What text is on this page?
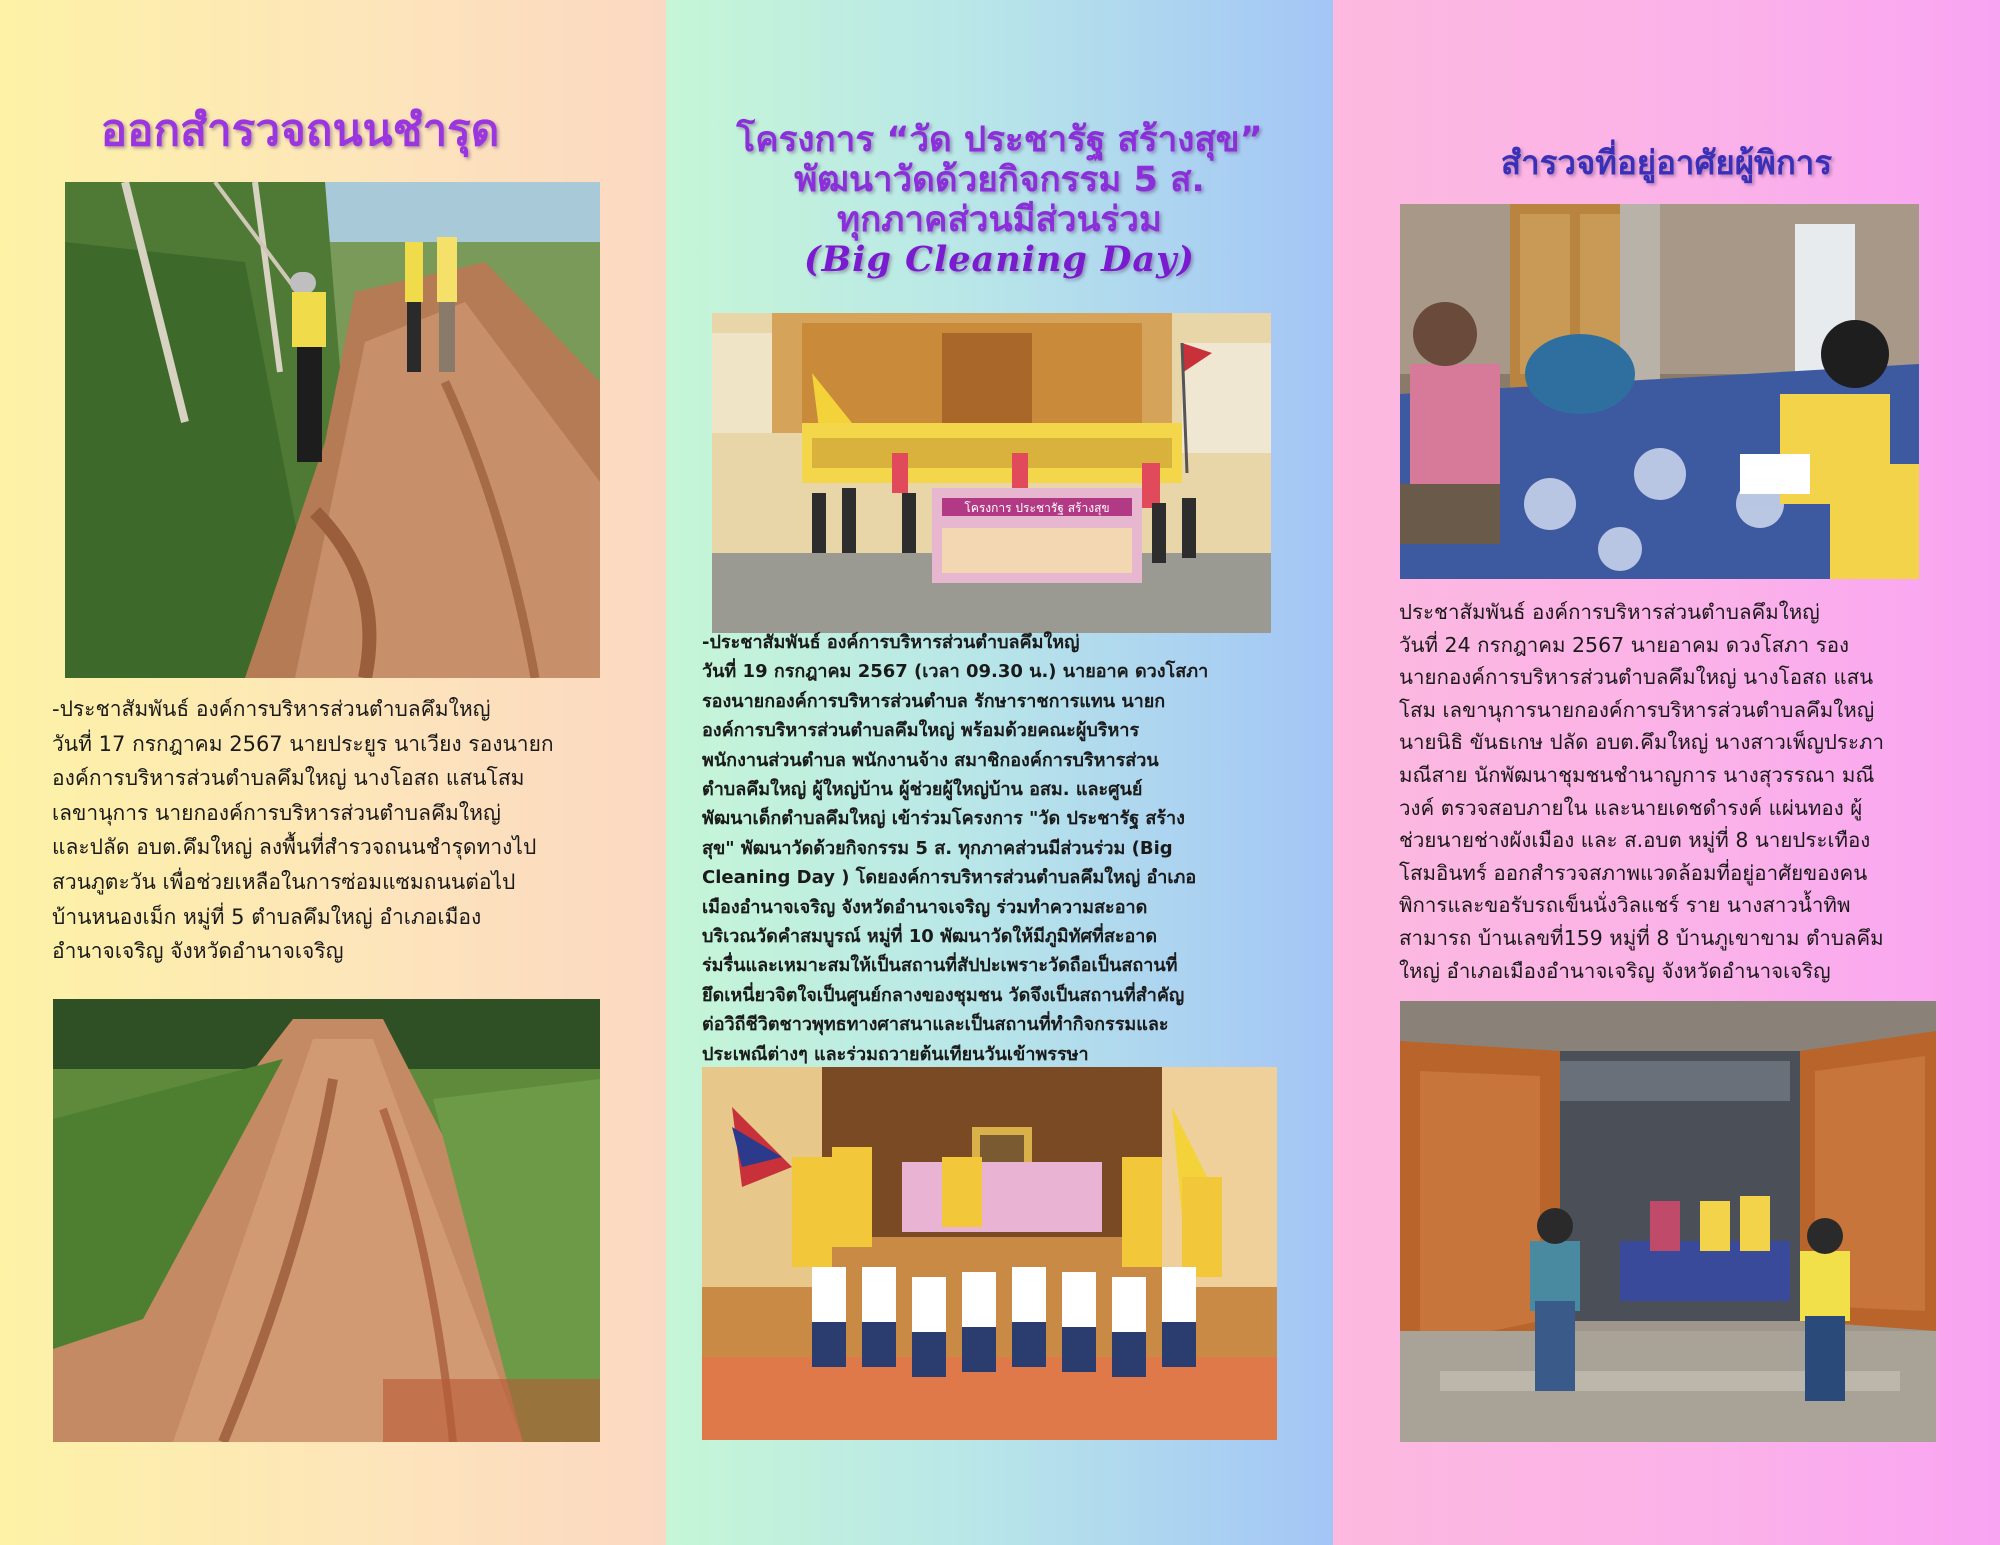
ออกสำรวจถนนชำรุด

-ประชาสัมพันธ์ องค์การบริหารส่วนตำบลคึมใหญ่
วันที่ 17 กรกฎาคม 2567 นายประยูร นาเวียง รองนายก
องค์การบริหารส่วนตำบลคึมใหญ่ นางโอสถ แสนโสม
เลขานุการ นายกองค์การบริหารส่วนตำบลคึมใหญ่
และปลัด อบต.คึมใหญ่ ลงพื้นที่สำรวจถนนชำรุดทางไป
สวนภูตะวัน เพื่อช่วยเหลือในการซ่อมแซมถนนต่อไป
บ้านหนองเม็ก หมู่ที่ 5 ตำบลคึมใหญ่ อำเภอเมือง
อำนาจเจริญ จังหวัดอำนาจเจริญ

โครงการ “วัด ประชารัฐ สร้างสุข”
พัฒนาวัดด้วยกิจกรรม 5 ส.
ทุกภาคส่วนมีส่วนร่วม
(Big Cleaning Day)
โครงการ ประชารัฐ สร้างสุข

-ประชาสัมพันธ์ องค์การบริหารส่วนตำบลคึมใหญ่
วันที่ 19 กรกฎาคม 2567 (เวลา 09.30 น.) นายอาค ดวงโสภา
รองนายกองค์การบริหารส่วนตำบล รักษาราชการแทน นายก
องค์การบริหารส่วนตำบลคึมใหญ่ พร้อมด้วยคณะผู้บริหาร
พนักงานส่วนตำบล พนักงานจ้าง สมาชิกองค์การบริหารส่วน
ตำบลคึมใหญ่ ผู้ใหญ่บ้าน ผู้ช่วยผู้ใหญ่บ้าน อสม. และศูนย์
พัฒนาเด็กตำบลคึมใหญ่ เข้าร่วมโครงการ "วัด ประชารัฐ สร้าง
สุข" พัฒนาวัดด้วยกิจกรรม 5 ส. ทุกภาคส่วนมีส่วนร่วม (Big
Cleaning Day ) โดยองค์การบริหารส่วนตำบลคึมใหญ่ อำเภอ
เมืองอำนาจเจริญ จังหวัดอำนาจเจริญ ร่วมทำความสะอาด
บริเวณวัดคำสมบูรณ์ หมู่ที่ 10 พัฒนาวัดให้มีภูมิทัศที่สะอาด
ร่มรื่นและเหมาะสมให้เป็นสถานที่สัปปะเพราะวัดถือเป็นสถานที่
ยึดเหนี่ยวจิตใจเป็นศูนย์กลางของชุมชน วัดจึงเป็นสถานที่สำคัญ
ต่อวิถีชีวิตชาวพุทธทางศาสนาและเป็นสถานที่ทำกิจกรรมและ
ประเพณีต่างๆ และร่วมถวายต้นเทียนวันเข้าพรรษา

สำรวจที่อยู่อาศัยผู้พิการ

ประชาสัมพันธ์ องค์การบริหารส่วนตำบลคึมใหญ่
วันที่ 24 กรกฎาคม 2567 นายอาคม ดวงโสภา รอง
นายกองค์การบริหารส่วนตำบลคึมใหญ่ นางโอสถ แสน
โสม เลขานุการนายกองค์การบริหารส่วนตำบลคึมใหญ่
นายนิธิ ขันธเกษ ปลัด อบต.คึมใหญ่ นางสาวเพ็ญประภา
มณีสาย นักพัฒนาชุมชนชำนาญการ นางสุวรรณา มณี
วงค์ ตรวจสอบภายใน และนายเดชดำรงค์ แผ่นทอง ผู้
ช่วยนายช่างผังเมือง และ ส.อบต หมู่ที่ 8 นายประเทือง
โสมอินทร์ ออกสำรวจสภาพแวดล้อมที่อยู่อาศัยของคน
พิการและขอรับรถเข็นนั่งวิลแชร์ ราย นางสาวน้ำทิพ
สามารถ บ้านเลขที่159 หมู่ที่ 8 บ้านภูเขาขาม ตำบลคึม
ใหญ่ อำเภอเมืองอำนาจเจริญ จังหวัดอำนาจเจริญ
